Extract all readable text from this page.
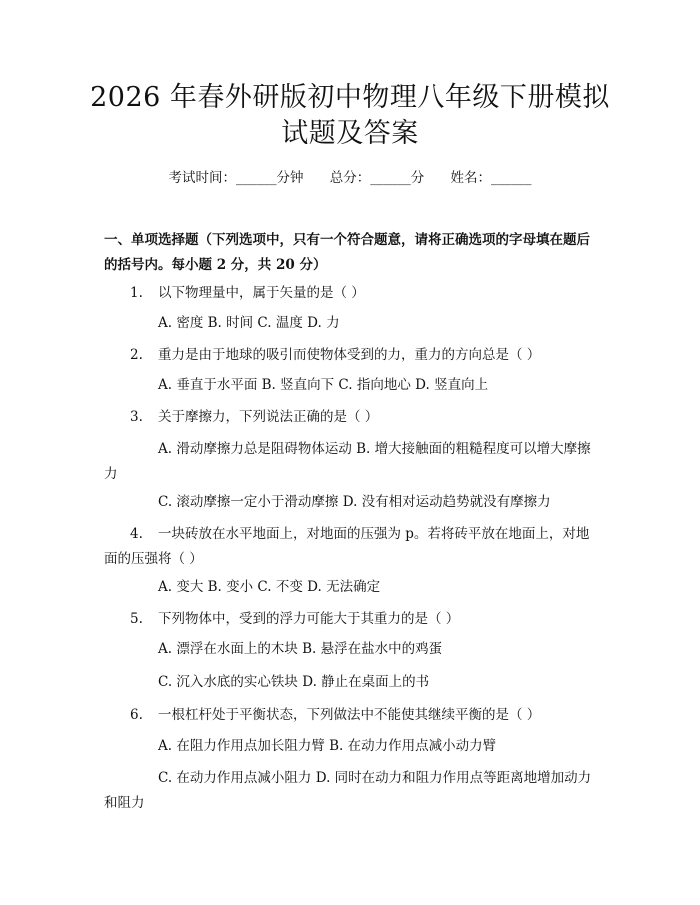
2026 年春外研版初中物理八年级下册模拟试题及答案
考试时间：______分钟 总分：______分 姓名：______
一、单项选择题（下列选项中，只有一个符合题意，请将正确选项的字母填在题后的括号内。每小题 2 分，共 20 分）
1. 以下物理量中，属于矢量的是（ ）
A. 密度 B. 时间 C. 温度 D. 力
2. 重力是由于地球的吸引而使物体受到的力，重力的方向总是（ ）
A. 垂直于水平面 B. 竖直向下 C. 指向地心 D. 竖直向上
3. 关于摩擦力，下列说法正确的是（ ）
A. 滑动摩擦力总是阻碍物体运动 B. 增大接触面的粗糙程度可以增大摩擦力
C. 滚动摩擦一定小于滑动摩擦 D. 没有相对运动趋势就没有摩擦力
4. 一块砖放在水平地面上，对地面的压强为 p。若将砖平放在地面上，对地面的压强将（ ）
A. 变大 B. 变小 C. 不变 D. 无法确定
5. 下列物体中，受到的浮力可能大于其重力的是（ ）
A. 漂浮在水面上的木块 B. 悬浮在盐水中的鸡蛋
C. 沉入水底的实心铁块 D. 静止在桌面上的书
6. 一根杠杆处于平衡状态，下列做法中不能使其继续平衡的是（ ）
A. 在阻力作用点加长阻力臂 B. 在动力作用点减小动力臂
C. 在动力作用点减小阻力 D. 同时在动力和阻力作用点等距离地增加动力和阻力
